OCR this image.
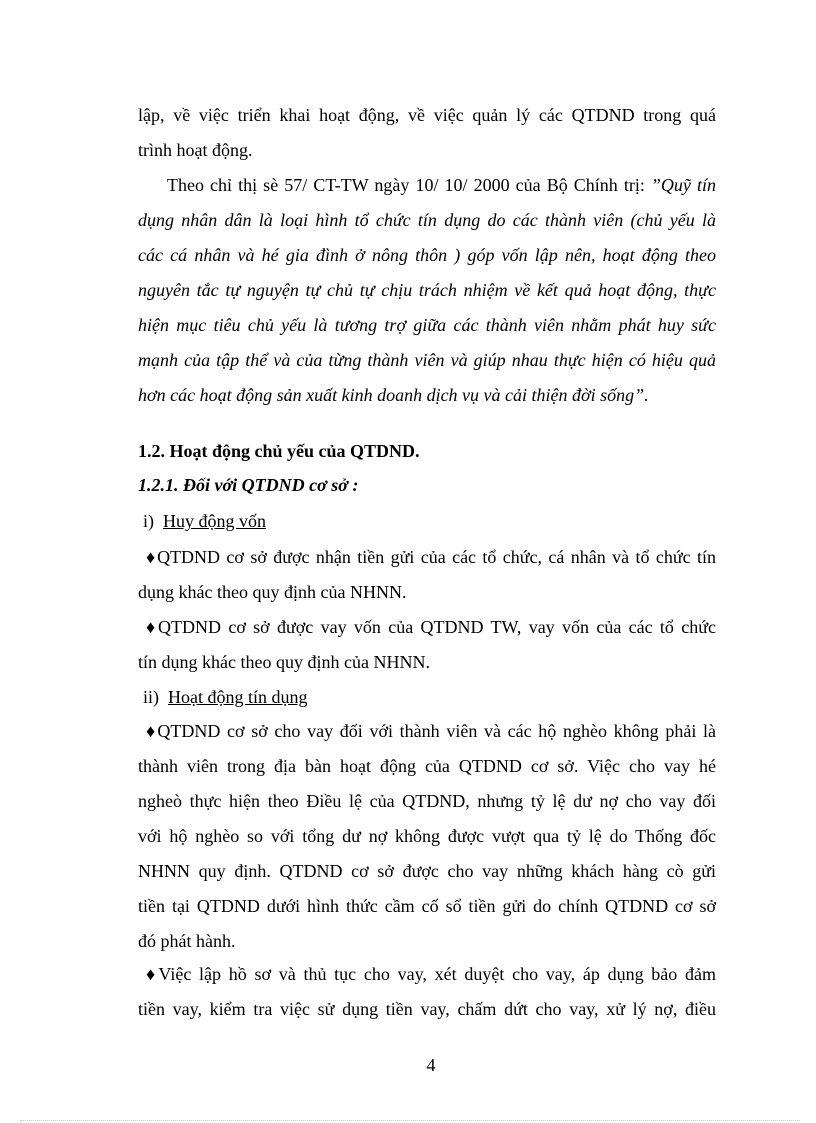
lập, về việc triển khai hoạt động, về việc quản lý các QTDND trong quá
trình hoạt động.
Theo chỉ thị sè 57/ CT-TW ngày 10/ 10/ 2000 của Bộ Chính trị: ”Quỹ tín
dụng nhân dân là loại hình tổ chức tín dụng do các thành viên (chủ yếu là
các cá nhân và hé gia đình ở nông thôn ) góp vốn lập nên, hoạt động theo
nguyên tắc tự nguyện tự chủ tự chịu trách nhiệm về kết quả hoạt động, thực
hiện mục tiêu chủ yếu là tương trợ giữa các thành viên nhằm phát huy sức
mạnh của tập thể và của từng thành viên và giúp nhau thực hiện có hiệu quả
hơn các hoạt động sản xuất kinh doanh dịch vụ và cải thiện đời sống”.
1.2. Hoạt động chủ yếu của QTDND.
1.2.1. Đối với QTDND cơ sở :
i) Huy động vốn
♦QTDND cơ sở được nhận tiền gửi của các tổ chức, cá nhân và tổ chức tín
dụng khác theo quy định của NHNN.
♦QTDND cơ sở được vay vốn của QTDND TW, vay vốn của các tổ chức
tín dụng khác theo quy định của NHNN.
ii) Hoạt động tín dụng
♦QTDND cơ sở cho vay đối với thành viên và các hộ nghèo không phải là
thành viên trong địa bàn hoạt động của QTDND cơ sở. Việc cho vay hé
ngheò thực hiện theo Điều lệ của QTDND, nhưng tỷ lệ dư nợ cho vay đối
với hộ nghèo so với tổng dư nợ không được vượt qua tỷ lệ do Thống đốc
NHNN quy định. QTDND cơ sở được cho vay những khách hàng cò gửi
tiền tại QTDND dưới hình thức cầm cố sổ tiền gửi do chính QTDND cơ sở
đó phát hành.
♦Việc lập hồ sơ và thủ tục cho vay, xét duyệt cho vay, áp dụng bảo đảm
tiền vay, kiểm tra việc sử dụng tiền vay, chấm dứt cho vay, xử lý nợ, điều
4
